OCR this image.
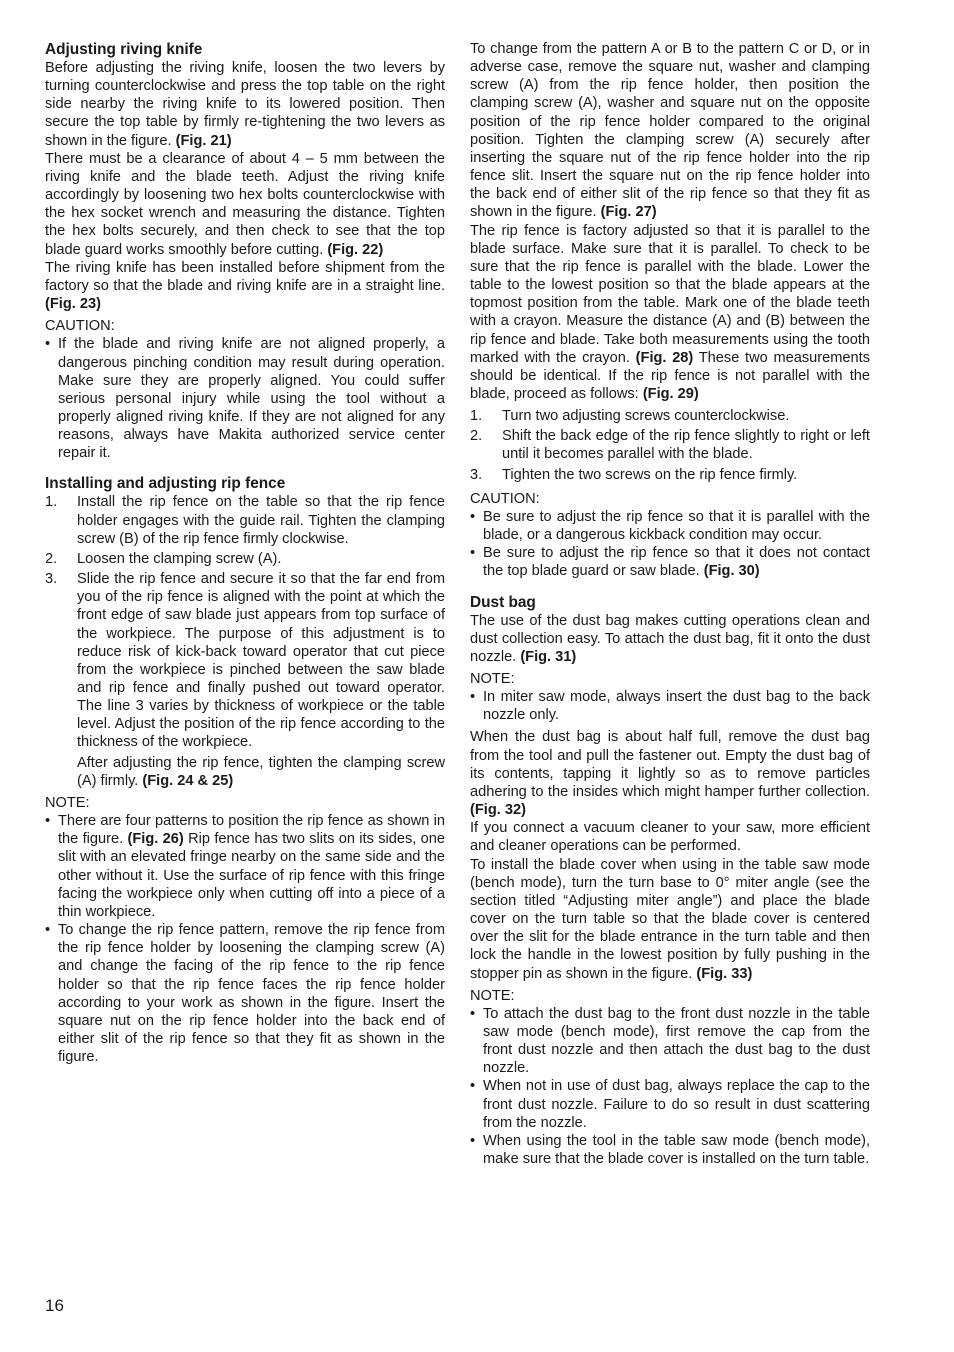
Adjusting riving knife

Before adjusting the riving knife, loosen the two levers by turning counterclockwise and press the top table on the right side nearby the riving knife to its lowered position. Then secure the top table by firmly re-tightening the two levers as shown in the figure. (Fig. 21)

There must be a clearance of about 4 – 5 mm between the riving knife and the blade teeth. Adjust the riving knife accordingly by loosening two hex bolts counterclockwise with the hex socket wrench and measuring the distance. Tighten the hex bolts securely, and then check to see that the top blade guard works smoothly before cutting. (Fig. 22)

The riving knife has been installed before shipment from the factory so that the blade and riving knife are in a straight line. (Fig. 23)

CAUTION:

• If the blade and riving knife are not aligned properly, a dangerous pinching condition may result during operation. Make sure they are properly aligned. You could suffer serious personal injury while using the tool without a properly aligned riving knife. If they are not aligned for any reasons, always have Makita authorized service center repair it.
Installing and adjusting rip fence
1. Install the rip fence on the table so that the rip fence holder engages with the guide rail. Tighten the clamping screw (B) of the rip fence firmly clockwise.
2. Loosen the clamping screw (A).
3. Slide the rip fence and secure it so that the far end from you of the rip fence is aligned with the point at which the front edge of saw blade just appears from top surface of the workpiece. The purpose of this adjustment is to reduce risk of kick-back toward operator that cut piece from the workpiece is pinched between the saw blade and rip fence and finally pushed out toward operator. The line 3 varies by thickness of workpiece or the table level. Adjust the position of the rip fence according to the thickness of the workpiece.

After adjusting the rip fence, tighten the clamping screw (A) firmly. (Fig. 24 & 25)

NOTE:

• There are four patterns to position the rip fence as shown in the figure. (Fig. 26) Rip fence has two slits on its sides, one slit with an elevated fringe nearby on the same side and the other without it. Use the surface of rip fence with this fringe facing the workpiece only when cutting off into a piece of a thin workpiece.
• To change the rip fence pattern, remove the rip fence from the rip fence holder by loosening the clamping screw (A) and change the facing of the rip fence to the rip fence holder so that the rip fence faces the rip fence holder according to your work as shown in the figure. Insert the square nut on the rip fence holder into the back end of either slit of the rip fence so that they fit as shown in the figure.

To change from the pattern A or B to the pattern C or D, or in adverse case, remove the square nut, washer and clamping screw (A) from the rip fence holder, then position the clamping screw (A), washer and square nut on the opposite position of the rip fence holder compared to the original position. Tighten the clamping screw (A) securely after inserting the square nut of the rip fence holder into the rip fence slit. Insert the square nut on the rip fence holder into the back end of either slit of the rip fence so that they fit as shown in the figure. (Fig. 27)

The rip fence is factory adjusted so that it is parallel to the blade surface. Make sure that it is parallel. To check to be sure that the rip fence is parallel with the blade. Lower the table to the lowest position so that the blade appears at the topmost position from the table. Mark one of the blade teeth with a crayon. Measure the distance (A) and (B) between the rip fence and blade. Take both measurements using the tooth marked with the crayon. (Fig. 28) These two measurements should be identical. If the rip fence is not parallel with the blade, proceed as follows: (Fig. 29)

1. Turn two adjusting screws counterclockwise.
2. Shift the back edge of the rip fence slightly to right or left until it becomes parallel with the blade.
3. Tighten the two screws on the rip fence firmly.

CAUTION:

• Be sure to adjust the rip fence so that it is parallel with the blade, or a dangerous kickback condition may occur.
• Be sure to adjust the rip fence so that it does not contact the top blade guard or saw blade. (Fig. 30)
Dust bag

The use of the dust bag makes cutting operations clean and dust collection easy. To attach the dust bag, fit it onto the dust nozzle. (Fig. 31)

NOTE:

• In miter saw mode, always insert the dust bag to the back nozzle only.

When the dust bag is about half full, remove the dust bag from the tool and pull the fastener out. Empty the dust bag of its contents, tapping it lightly so as to remove particles adhering to the insides which might hamper further collection. (Fig. 32)

If you connect a vacuum cleaner to your saw, more efficient and cleaner operations can be performed.

To install the blade cover when using in the table saw mode (bench mode), turn the turn base to 0° miter angle (see the section titled “Adjusting miter angle”) and place the blade cover on the turn table so that the blade cover is centered over the slit for the blade entrance in the turn table and then lock the handle in the lowest position by fully pushing in the stopper pin as shown in the figure. (Fig. 33)

NOTE:

• To attach the dust bag to the front dust nozzle in the table saw mode (bench mode), first remove the cap from the front dust nozzle and then attach the dust bag to the dust nozzle.
• When not in use of dust bag, always replace the cap to the front dust nozzle. Failure to do so result in dust scattering from the nozzle.
• When using the tool in the table saw mode (bench mode), make sure that the blade cover is installed on the turn table.
16
